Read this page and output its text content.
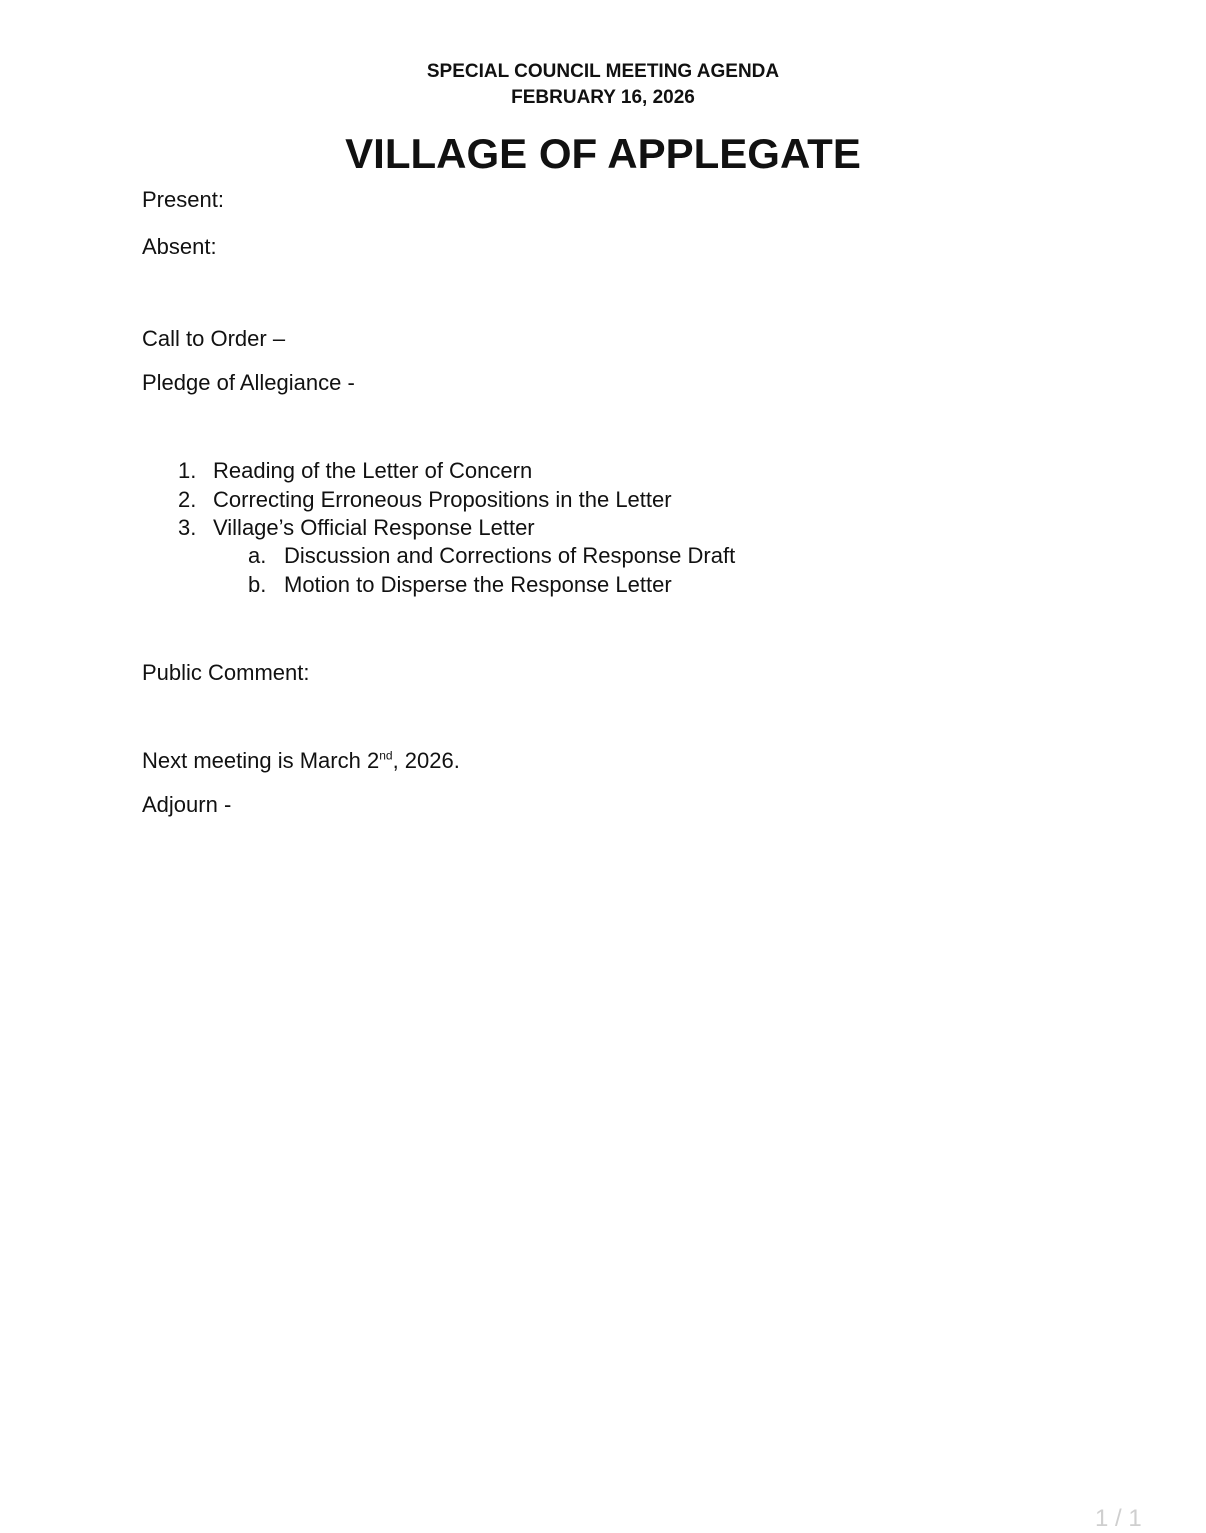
SPECIAL COUNCIL MEETING AGENDA
FEBRUARY 16, 2026
VILLAGE OF APPLEGATE
Present:
Absent:
Call to Order –
Pledge of Allegiance -
1. Reading of the Letter of Concern
2. Correcting Erroneous Propositions in the Letter
3. Village’s Official Response Letter
a. Discussion and Corrections of Response Draft
b. Motion to Disperse the Response Letter
Public Comment:
Next meeting is March 2nd, 2026.
Adjourn -
1 / 1
